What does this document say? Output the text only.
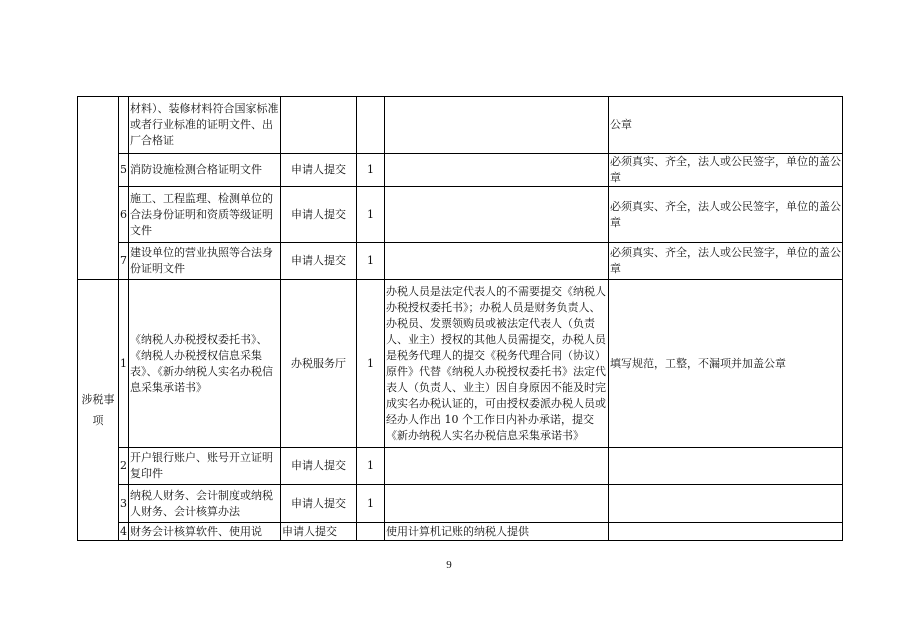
		材料）、装修材料符合国家标准或者行业标准的证明文件、出厂合格证				公章
	5	消防设施检测合格证明文件	申请人提交	1		必须真实、齐全，法人或公民签字，单位的盖公章
	6	施工、工程监理、检测单位的合法身份证明和资质等级证明文件	申请人提交	1		必须真实、齐全，法人或公民签字，单位的盖公章
	7	建设单位的营业执照等合法身份证明文件	申请人提交	1		必须真实、齐全，法人或公民签字，单位的盖公章

涉税事项	1	《纳税人办税授权委托书》、《纳税人办税授权信息采集表》、《新办纳税人实名办税信息采集承诺书》	办税服务厅	1	办税人员是法定代表人的不需要提交《纳税人办税授权委托书》；办税人员是财务负责人、办税员、发票领购员或被法定代表人（负责人、业主）授权的其他人员需提交，办税人员是税务代理人的提交《税务代理合同（协议）原件》代替《纳税人办税授权委托书》法定代表人（负责人、业主）因自身原因不能及时完成实名办税认证的，可由授权委派办税人员或经办人作出 10 个工作日内补办承诺，提交《新办纳税人实名办税信息采集承诺书》	填写规范，工整，不漏项并加盖公章
	2	开户银行账户、账号开立证明复印件	申请人提交	1		
	3	纳税人财务、会计制度或纳税人财务、会计核算办法	申请人提交	1		
	4	财务会计核算软件、使用说	申请人提交		使用计算机记账的纳税人提供	
9
